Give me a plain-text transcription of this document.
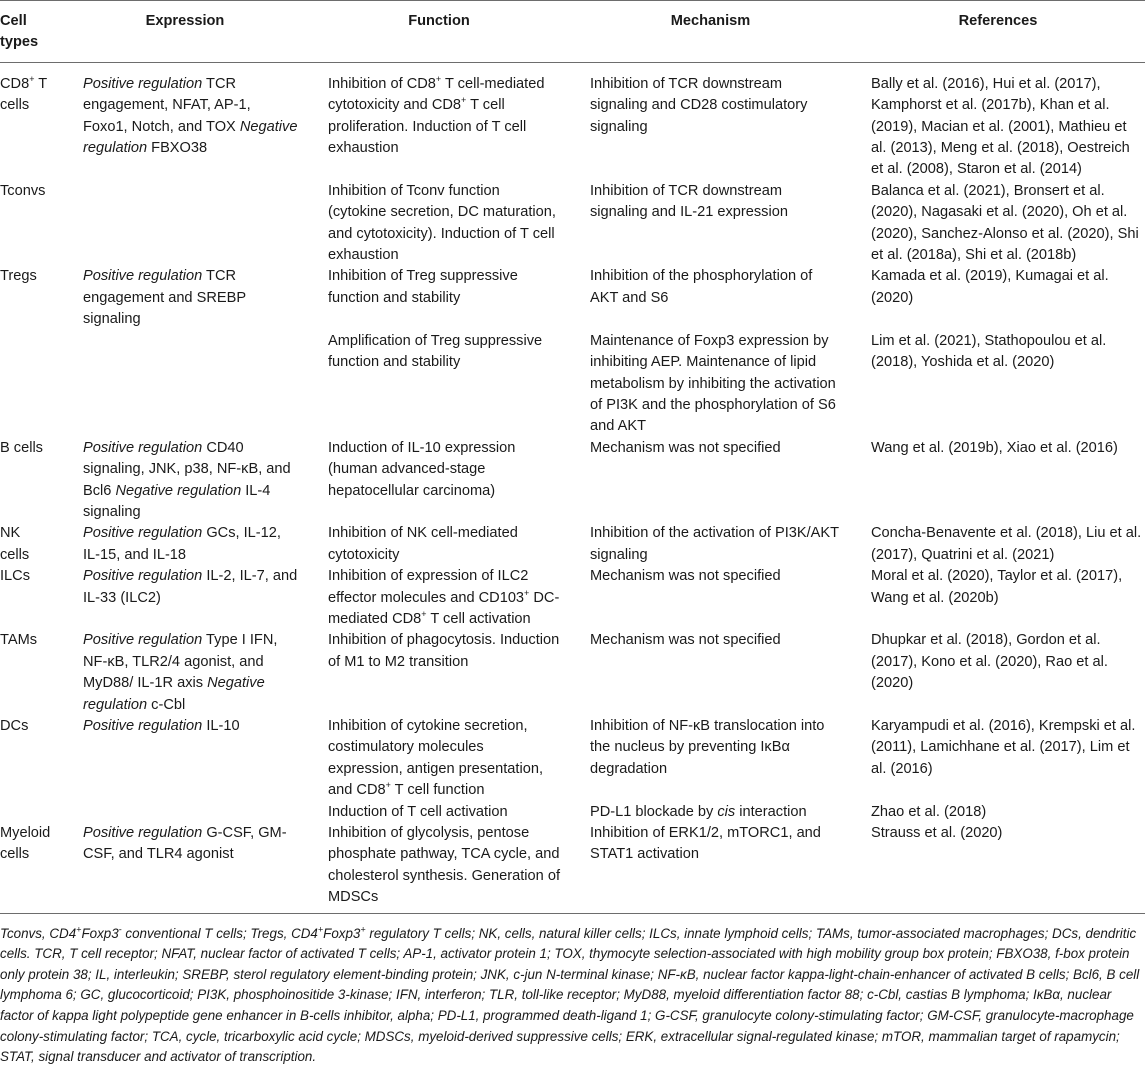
Cell types	Expression	Function	Mechanism	References
CD8+ T cells	Positive regulation TCR engagement, NFAT, AP-1, Foxo1, Notch, and TOX Negative regulation FBXO38	Inhibition of CD8+ T cell-mediated cytotoxicity and CD8+ T cell proliferation. Induction of T cell exhaustion	Inhibition of TCR downstream signaling and CD28 costimulatory signaling	Bally et al. (2016), Hui et al. (2017), Kamphorst et al. (2017b), Khan et al. (2019), Macian et al. (2001), Mathieu et al. (2013), Meng et al. (2018), Oestreich et al. (2008), Staron et al. (2014)
Tconvs		Inhibition of Tconv function (cytokine secretion, DC maturation, and cytotoxicity). Induction of T cell exhaustion	Inhibition of TCR downstream signaling and IL-21 expression	Balanca et al. (2021), Bronsert et al. (2020), Nagasaki et al. (2020), Oh et al. (2020), Sanchez-Alonso et al. (2020), Shi et al. (2018a), Shi et al. (2018b)
Tregs	Positive regulation TCR engagement and SREBP signaling	Inhibition of Treg suppressive function and stability	Inhibition of the phosphorylation of AKT and S6	Kamada et al. (2019), Kumagai et al. (2020)
		Amplification of Treg suppressive function and stability	Maintenance of Foxp3 expression by inhibiting AEP. Maintenance of lipid metabolism by inhibiting the activation of PI3K and the phosphorylation of S6 and AKT	Lim et al. (2021), Stathopoulou et al. (2018), Yoshida et al. (2020)
B cells	Positive regulation CD40 signaling, JNK, p38, NF-κB, and Bcl6 Negative regulation IL-4 signaling	Induction of IL-10 expression (human advanced-stage hepatocellular carcinoma)	Mechanism was not specified	Wang et al. (2019b), Xiao et al. (2016)
NK cells	Positive regulation GCs, IL-12, IL-15, and IL-18	Inhibition of NK cell-mediated cytotoxicity	Inhibition of the activation of PI3K/AKT signaling	Concha-Benavente et al. (2018), Liu et al. (2017), Quatrini et al. (2021)
ILCs	Positive regulation IL-2, IL-7, and IL-33 (ILC2)	Inhibition of expression of ILC2 effector molecules and CD103+ DC-mediated CD8+ T cell activation	Mechanism was not specified	Moral et al. (2020), Taylor et al. (2017), Wang et al. (2020b)
TAMs	Positive regulation Type I IFN, NF-κB, TLR2/4 agonist, and MyD88/ IL-1R axis Negative regulation c-Cbl	Inhibition of phagocytosis. Induction of M1 to M2 transition	Mechanism was not specified	Dhupkar et al. (2018), Gordon et al. (2017), Kono et al. (2020), Rao et al. (2020)
DCs	Positive regulation IL-10	Inhibition of cytokine secretion, costimulatory molecules expression, antigen presentation, and CD8+ T cell function	Inhibition of NF-κB translocation into the nucleus by preventing IκBα degradation	Karyampudi et al. (2016), Krempski et al. (2011), Lamichhane et al. (2017), Lim et al. (2016)
		Induction of T cell activation	PD-L1 blockade by cis interaction	Zhao et al. (2018)
Myeloid cells	Positive regulation G-CSF, GM-CSF, and TLR4 agonist	Inhibition of glycolysis, pentose phosphate pathway, TCA cycle, and cholesterol synthesis. Generation of MDSCs	Inhibition of ERK1/2, mTORC1, and STAT1 activation	Strauss et al. (2020)
Tconvs, CD4+Foxp3- conventional T cells; Tregs, CD4+Foxp3+ regulatory T cells; NK, cells, natural killer cells; ILCs, innate lymphoid cells; TAMs, tumor-associated macrophages; DCs, dendritic cells. TCR, T cell receptor; NFAT, nuclear factor of activated T cells; AP-1, activator protein 1; TOX, thymocyte selection-associated with high mobility group box protein; FBXO38, f-box protein only protein 38; IL, interleukin; SREBP, sterol regulatory element-binding protein; JNK, c-jun N-terminal kinase; NF-κB, nuclear factor kappa-light-chain-enhancer of activated B cells; Bcl6, B cell lymphoma 6; GC, glucocorticoid; PI3K, phosphoinositide 3-kinase; IFN, interferon; TLR, toll-like receptor; MyD88, myeloid differentiation factor 88; c-Cbl, castias B lymphoma; IκBα, nuclear factor of kappa light polypeptide gene enhancer in B-cells inhibitor, alpha; PD-L1, programmed death-ligand 1; G-CSF, granulocyte colony-stimulating factor; GM-CSF, granulocyte-macrophage colony-stimulating factor; TCA, cycle, tricarboxylic acid cycle; MDSCs, myeloid-derived suppressive cells; ERK, extracellular signal-regulated kinase; mTOR, mammalian target of rapamycin; STAT, signal transducer and activator of transcription.
